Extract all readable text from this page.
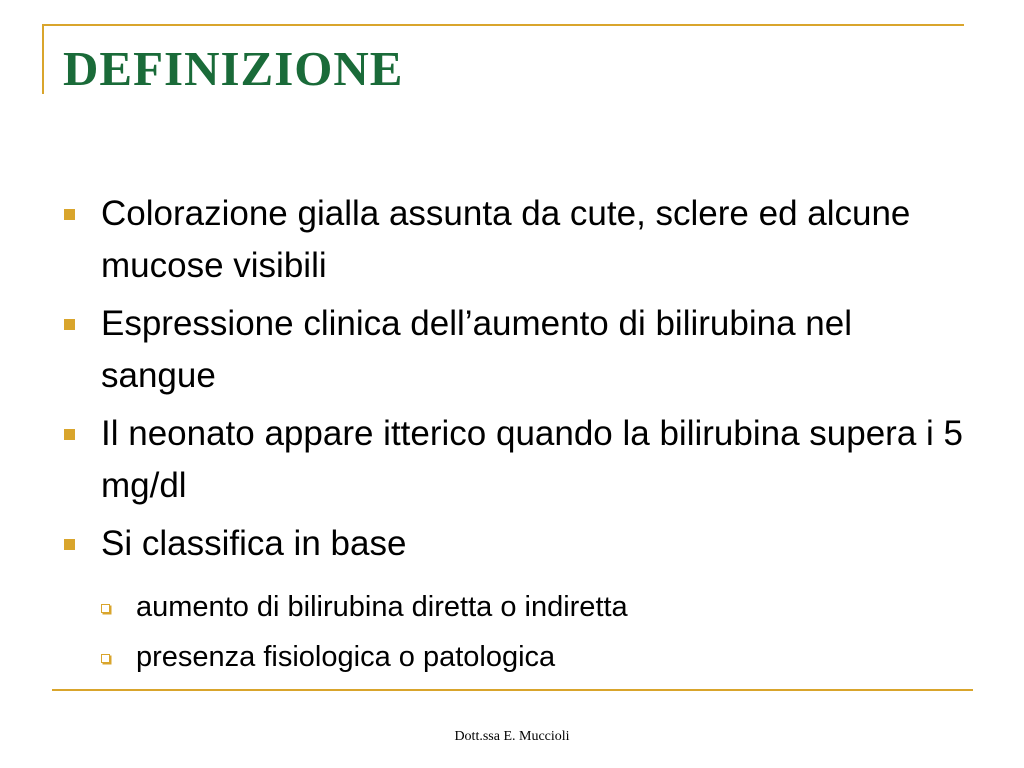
DEFINIZIONE
Colorazione gialla assunta da cute, sclere ed alcune mucose visibili
Espressione clinica dell’aumento di bilirubina nel sangue
Il neonato appare itterico quando la bilirubina supera i 5 mg/dl
Si classifica in base
aumento di bilirubina diretta o indiretta
presenza fisiologica o patologica
Dott.ssa E. Muccioli
